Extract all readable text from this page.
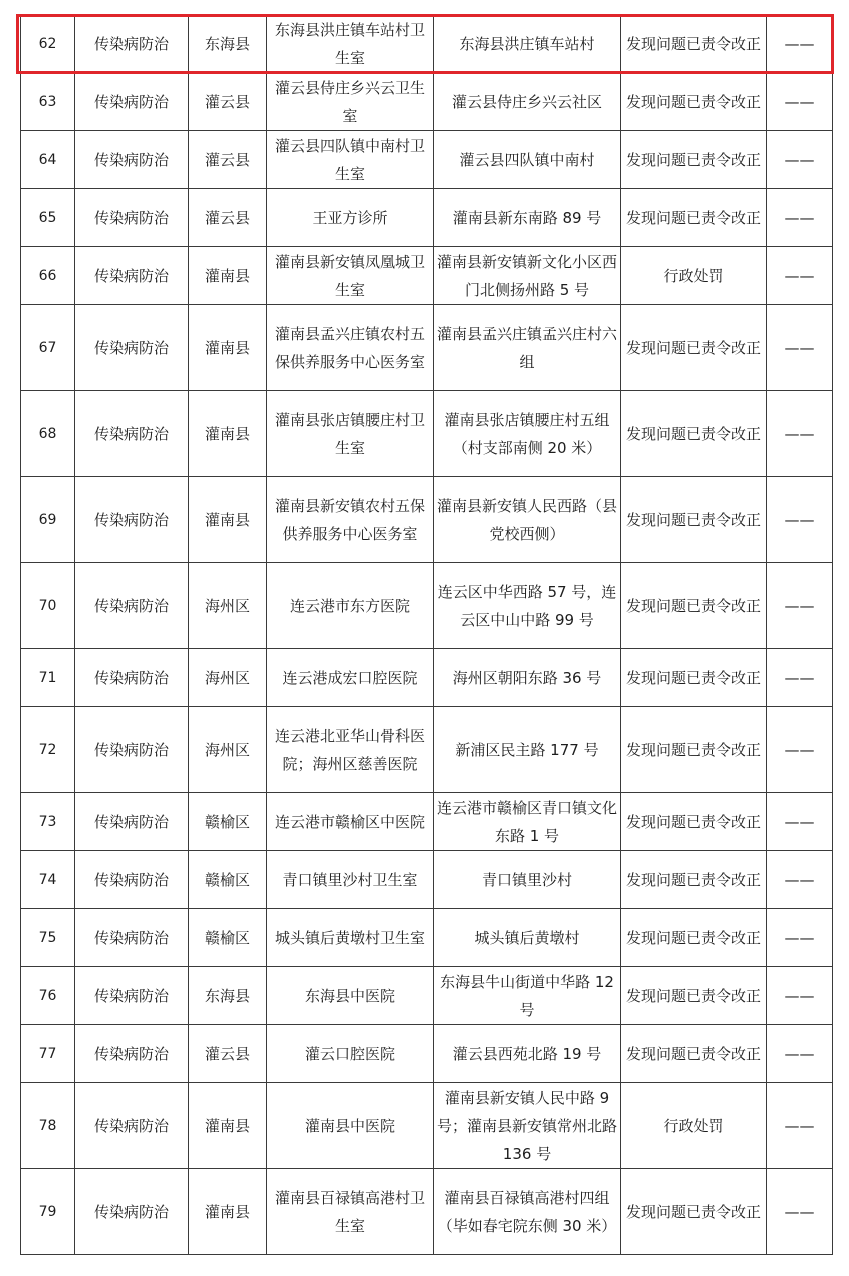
62	传染病防治	东海县	东海县洪庄镇车站村卫生室	东海县洪庄镇车站村	发现问题已责令改正	——
63	传染病防治	灌云县	灌云县侍庄乡兴云卫生室	灌云县侍庄乡兴云社区	发现问题已责令改正	——
64	传染病防治	灌云县	灌云县四队镇中南村卫生室	灌云县四队镇中南村	发现问题已责令改正	——
65	传染病防治	灌云县	王亚方诊所	灌南县新东南路 89 号	发现问题已责令改正	——
66	传染病防治	灌南县	灌南县新安镇凤凰城卫生室	灌南县新安镇新文化小区西门北侧扬州路 5 号	行政处罚	——
67	传染病防治	灌南县	灌南县孟兴庄镇农村五保供养服务中心医务室	灌南县孟兴庄镇孟兴庄村六组	发现问题已责令改正	——
68	传染病防治	灌南县	灌南县张店镇腰庄村卫生室	灌南县张店镇腰庄村五组（村支部南侧 20 米）	发现问题已责令改正	——
69	传染病防治	灌南县	灌南县新安镇农村五保供养服务中心医务室	灌南县新安镇人民西路（县党校西侧）	发现问题已责令改正	——
70	传染病防治	海州区	连云港市东方医院	连云区中华西路 57 号，连云区中山中路 99 号	发现问题已责令改正	——
71	传染病防治	海州区	连云港成宏口腔医院	海州区朝阳东路 36 号	发现问题已责令改正	——
72	传染病防治	海州区	连云港北亚华山骨科医院；海州区慈善医院	新浦区民主路 177 号	发现问题已责令改正	——
73	传染病防治	赣榆区	连云港市赣榆区中医院	连云港市赣榆区青口镇文化东路 1 号	发现问题已责令改正	——
74	传染病防治	赣榆区	青口镇里沙村卫生室	青口镇里沙村	发现问题已责令改正	——
75	传染病防治	赣榆区	城头镇后黄墩村卫生室	城头镇后黄墩村	发现问题已责令改正	——
76	传染病防治	东海县	东海县中医院	东海县牛山街道中华路 12 号	发现问题已责令改正	——
77	传染病防治	灌云县	灌云口腔医院	灌云县西苑北路 19 号	发现问题已责令改正	——
78	传染病防治	灌南县	灌南县中医院	灌南县新安镇人民中路 9 号；灌南县新安镇常州北路 136 号	行政处罚	——
79	传染病防治	灌南县	灌南县百禄镇高港村卫生室	灌南县百禄镇高港村四组（毕如春宅院东侧 30 米）	发现问题已责令改正	——
